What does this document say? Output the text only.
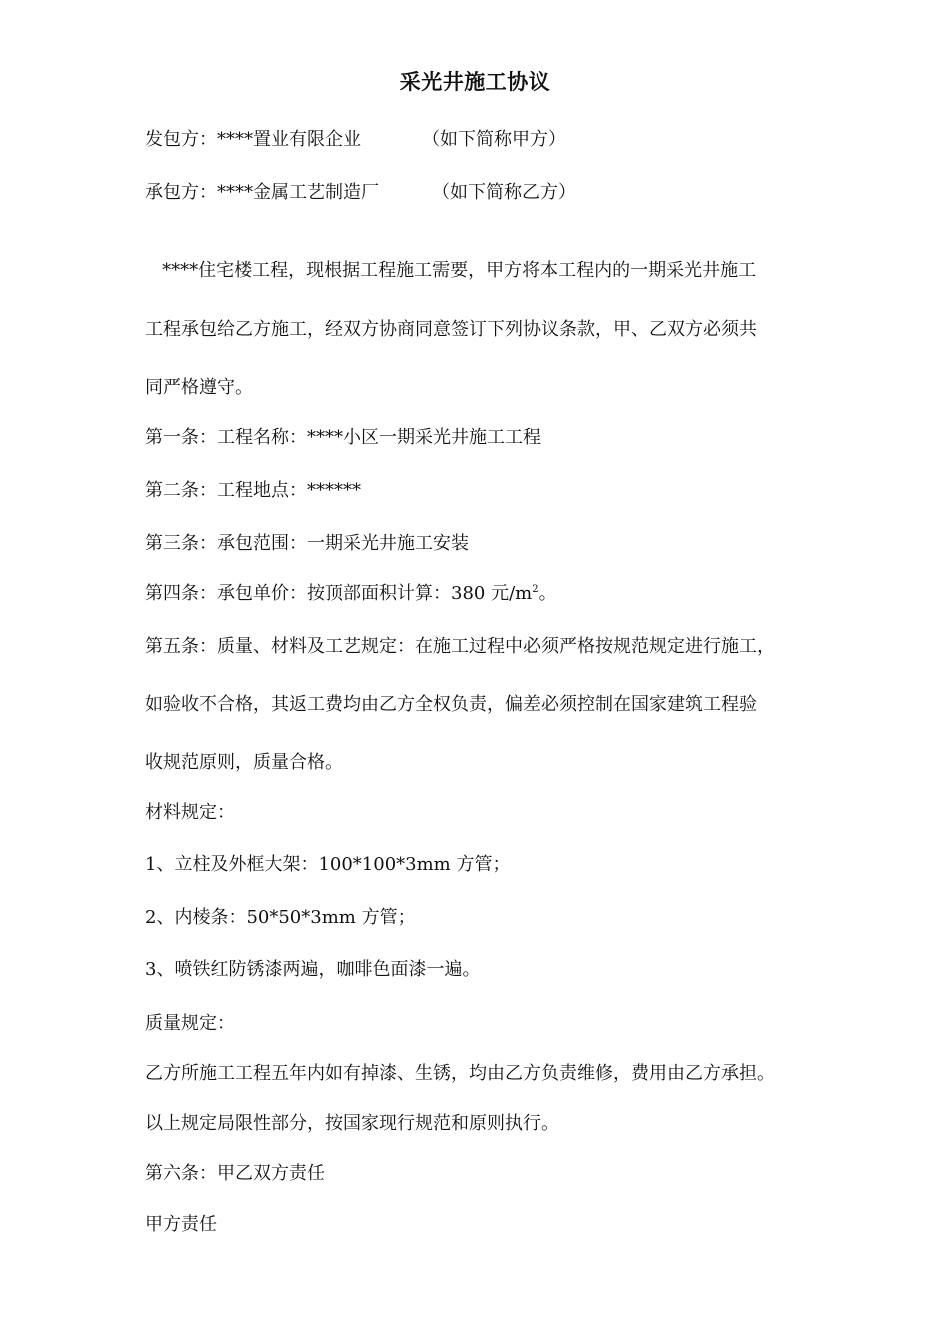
采光井施工协议
发包方：****置业有限企业	（如下简称甲方）
承包方：****金属工艺制造厂	（如下简称乙方）
****住宅楼工程，现根据工程施工需要，甲方将本工程内的一期采光井施工
工程承包给乙方施工，经双方协商同意签订下列协议条款，甲、乙双方必须共
同严格遵守。
第一条：工程名称：****小区一期采光井施工工程
第二条：工程地点：******
第三条：承包范围：一期采光井施工安装
第四条：承包单价：按顶部面积计算：380 元$/m^2$。
第五条：质量、材料及工艺规定：在施工过程中必须严格按规范规定进行施工，
如验收不合格，其返工费均由乙方全权负责，偏差必须控制在国家建筑工程验
收规范原则，质量合格。
材料规定：
1、立柱及外框大架：100*100*3mm 方管；
2、内棱条：50*50*3mm 方管；
3、喷铁红防锈漆两遍，咖啡色面漆一遍。
质量规定：
乙方所施工工程五年内如有掉漆、生锈，均由乙方负责维修，费用由乙方承担。
以上规定局限性部分，按国家现行规范和原则执行。
第六条：甲乙双方责任
甲方责任
